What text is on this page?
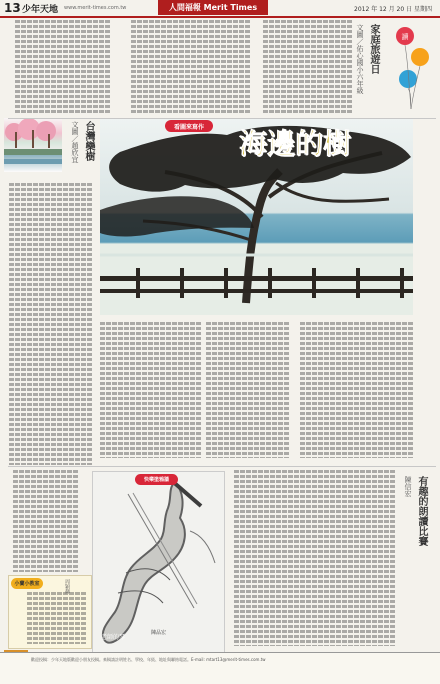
13 少年天地 www.merit-times.com.tw	人間福報 Merit Times	2012 年 12 月 20 日 星期四
家庭旅遊日
文圖／佑心國小六年級	讀
台灣欒樹
文圖／趙欣宜	看圖來寫作	海邊的樹
有趣的朗讀比賽
陳信宏
快樂塗鴉牆
老師的琴
陳品宏
小蘭小教室	周穎輝
歡迎投稿：少年天地版歡迎小朋友投稿。來稿請註明姓名、學校、年級、地址與聯絡電話。E-mail: mtart13@merit-times.com.tw
